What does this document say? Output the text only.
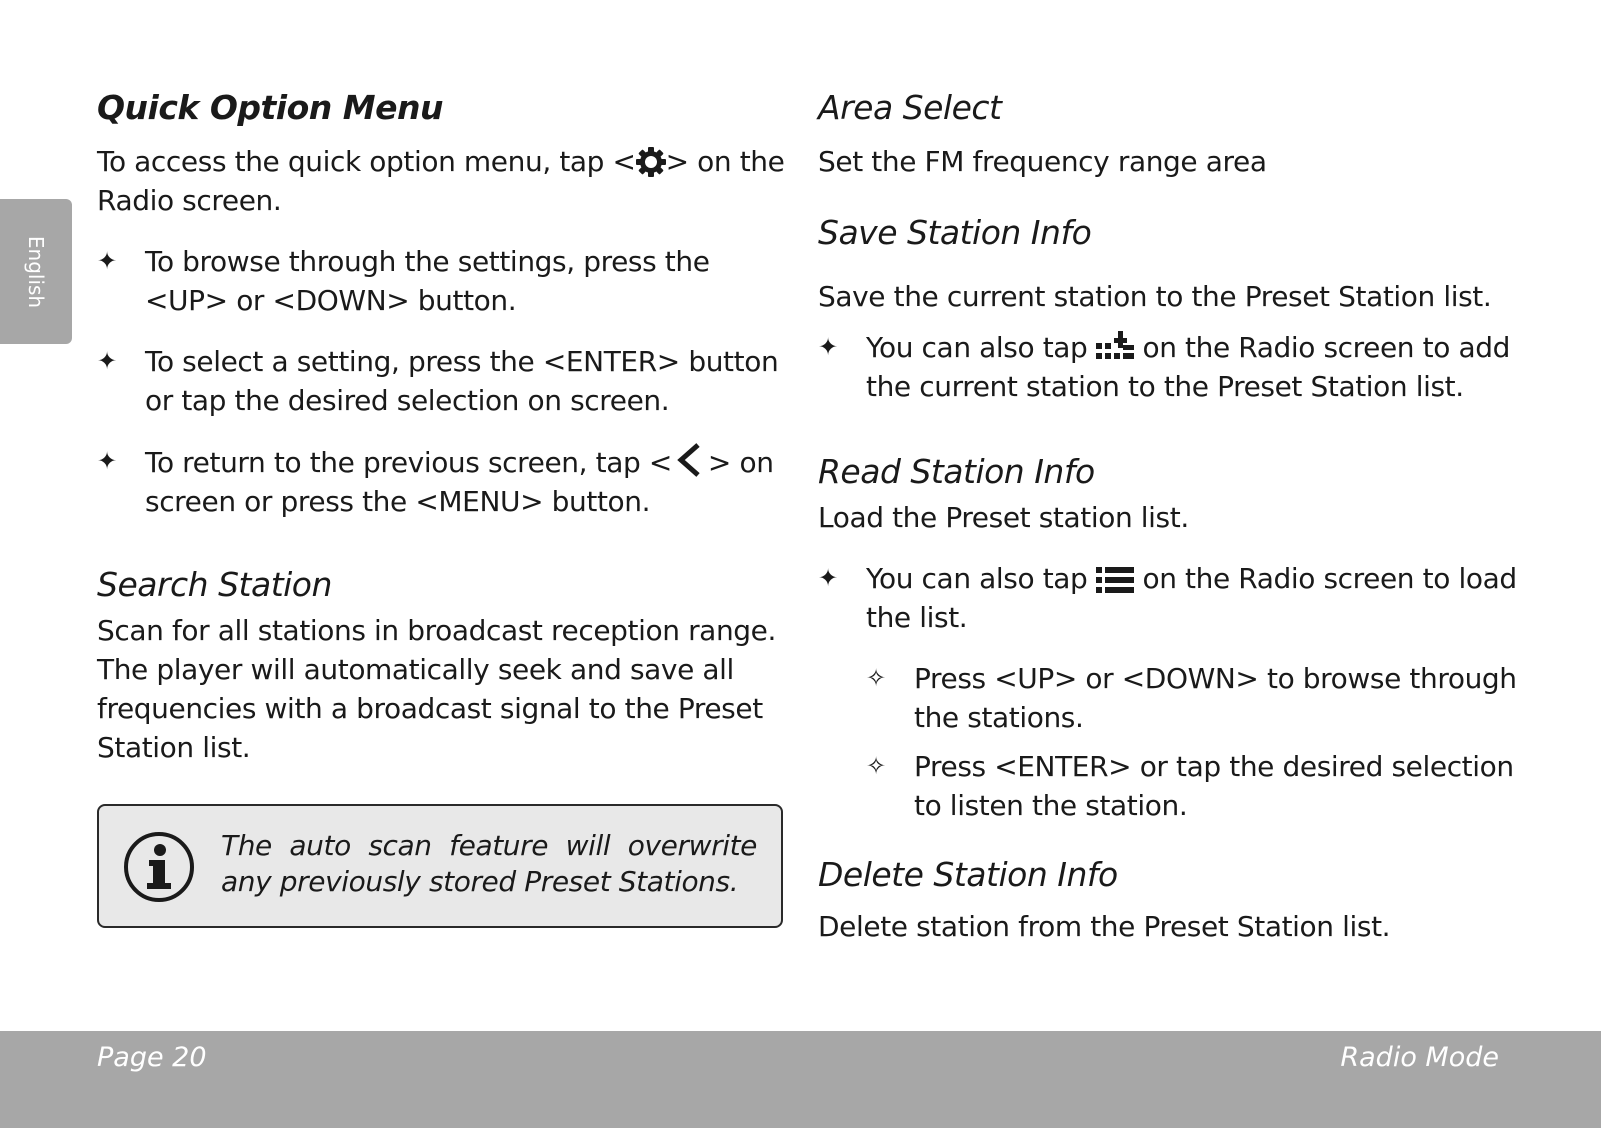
English
Quick Option Menu

To access the quick option menu, tap < > on the Radio screen.

✦ To browse through the settings, press the <UP> or <DOWN> button.
✦ To select a setting, press the <ENTER> button or tap the desired selection on screen.
✦ To return to the previous screen, tap < > on screen or press the <MENU> button.
Search Station

Scan for all stations in broadcast reception range. The player will automatically seek and save all frequencies with a broadcast signal to the Preset Station list.

The auto scan feature will overwrite any previously stored Preset Stations.
Area Select

Set the FM frequency range area

Save Station Info

Save the current station to the Preset Station list.

✦ You can also tap on the Radio screen to add the current station to the Preset Station list.
Read Station Info

Load the Preset station list.

✦ You can also tap on the Radio screen to load the list.
✧ Press <UP> or <DOWN> to browse through the stations.
✧ Press <ENTER> or tap the desired selection to listen the station.
Delete Station Info

Delete station from the Preset Station list.

Page 20	Radio Mode
